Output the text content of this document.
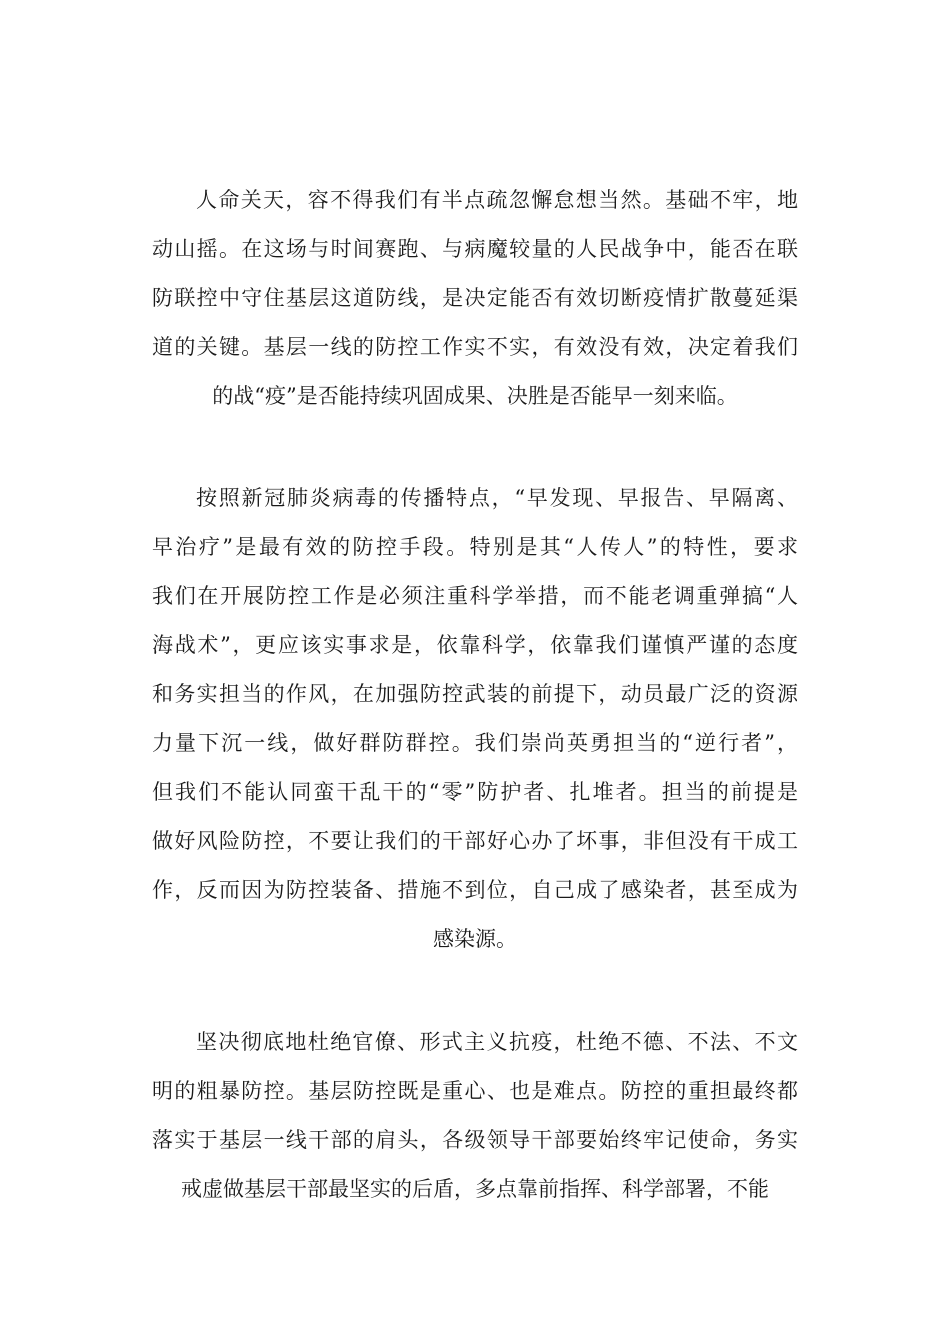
人命关天，容不得我们有半点疏忽懈怠想当然。基础不牢，地
动山摇。在这场与时间赛跑、与病魔较量的人民战争中，能否在联
防联控中守住基层这道防线，是决定能否有效切断疫情扩散蔓延渠
道的关键。基层一线的防控工作实不实，有效没有效，决定着我们
的战“疫”是否能持续巩固成果、决胜是否能早一刻来临。
按照新冠肺炎病毒的传播特点，“早发现、早报告、早隔离、
早治疗”是最有效的防控手段。特别是其“人传人”的特性，要求
我们在开展防控工作是必须注重科学举措，而不能老调重弹搞“人
海战术”，更应该实事求是，依靠科学，依靠我们谨慎严谨的态度
和务实担当的作风，在加强防控武装的前提下，动员最广泛的资源
力量下沉一线，做好群防群控。我们崇尚英勇担当的“逆行者”，
但我们不能认同蛮干乱干的“零”防护者、扎堆者。担当的前提是
做好风险防控，不要让我们的干部好心办了坏事，非但没有干成工
作，反而因为防控装备、措施不到位，自己成了感染者，甚至成为
感染源。
坚决彻底地杜绝官僚、形式主义抗疫，杜绝不德、不法、不文
明的粗暴防控。基层防控既是重心、也是难点。防控的重担最终都
落实于基层一线干部的肩头，各级领导干部要始终牢记使命，务实
戒虚做基层干部最坚实的后盾，多点靠前指挥、科学部署，不能
